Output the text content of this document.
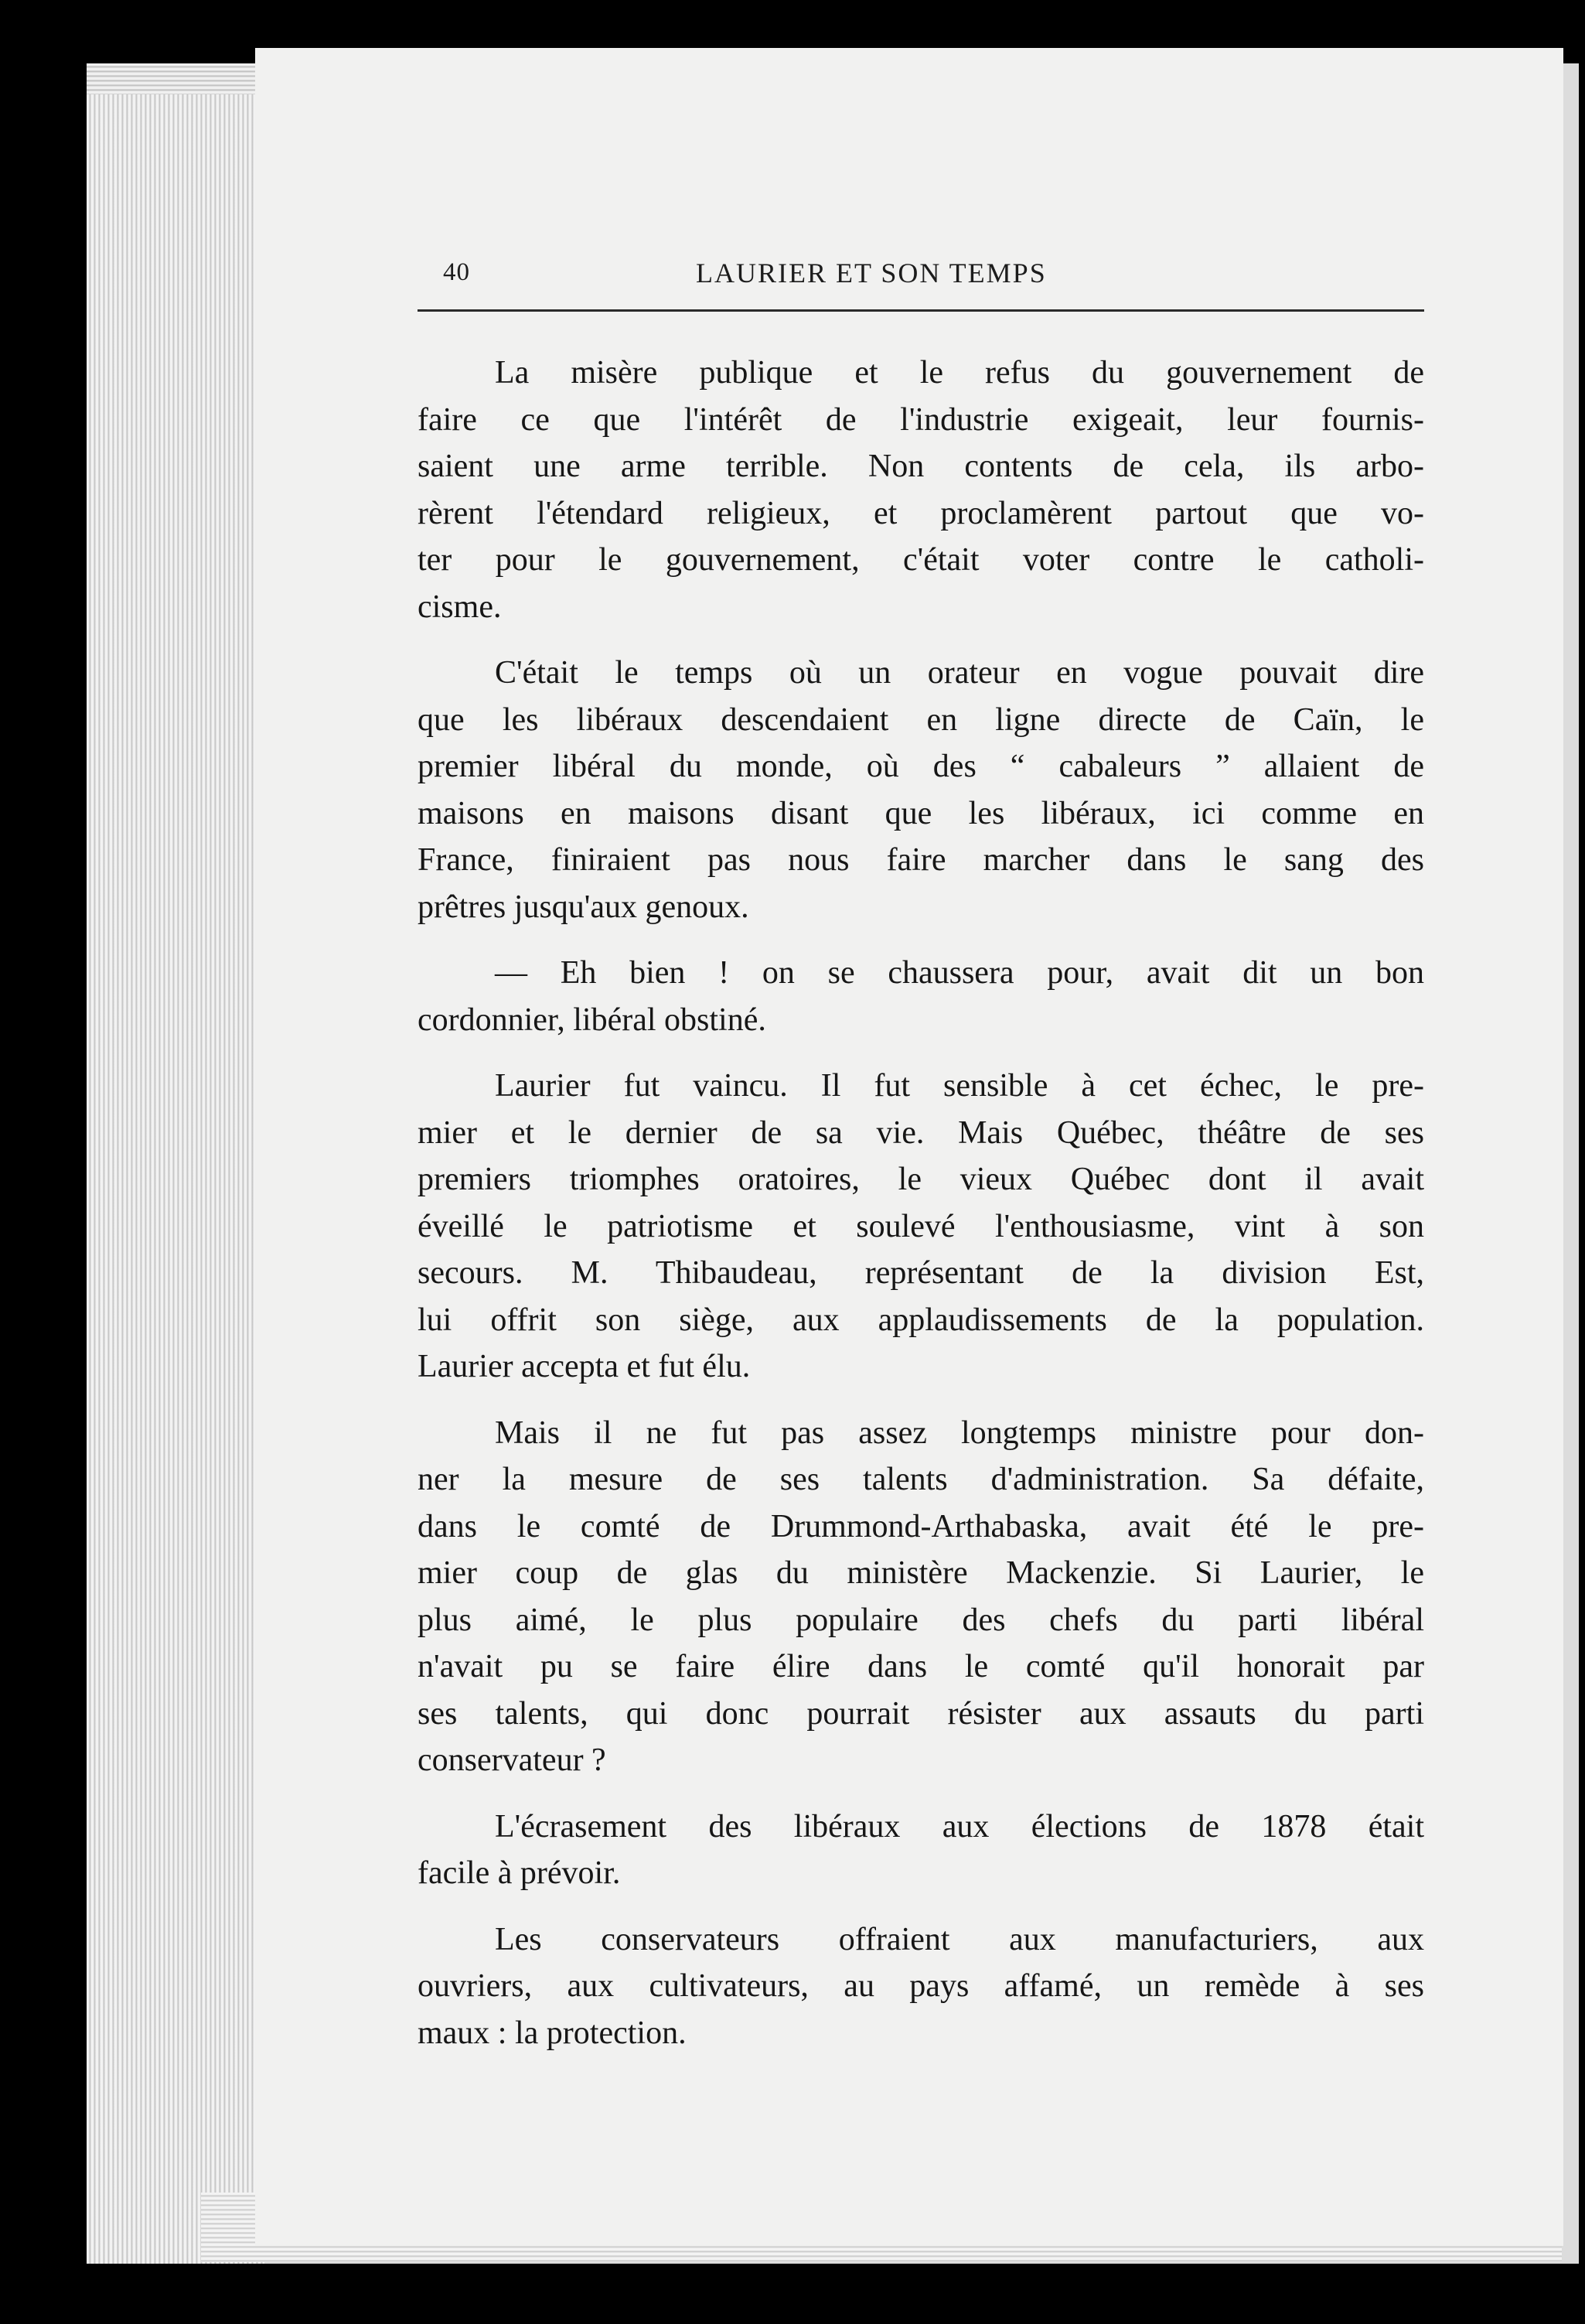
40	LAURIER ET SON TEMPS
La misère publique et le refus du gouvernement de
faire ce que l'intérêt de l'industrie exigeait, leur fournis-
saient une arme terrible. Non contents de cela, ils arbo-
rèrent l'étendard religieux, et proclamèrent partout que vo-
ter pour le gouvernement, c'était voter contre le catholi-
cisme.
C'était le temps où un orateur en vogue pouvait dire
que les libéraux descendaient en ligne directe de Caïn, le
premier libéral du monde, où des “ cabaleurs ” allaient de
maisons en maisons disant que les libéraux, ici comme en
France, finiraient pas nous faire marcher dans le sang des
prêtres jusqu'aux genoux.
— Eh bien ! on se chaussera pour, avait dit un bon
cordonnier, libéral obstiné.
Laurier fut vaincu. Il fut sensible à cet échec, le pre-
mier et le dernier de sa vie. Mais Québec, théâtre de ses
premiers triomphes oratoires, le vieux Québec dont il avait
éveillé le patriotisme et soulevé l'enthousiasme, vint à son
secours. M. Thibaudeau, représentant de la division Est,
lui offrit son siège, aux applaudissements de la population.
Laurier accepta et fut élu.
Mais il ne fut pas assez longtemps ministre pour don-
ner la mesure de ses talents d'administration. Sa défaite,
dans le comté de Drummond-Arthabaska, avait été le pre-
mier coup de glas du ministère Mackenzie. Si Laurier, le
plus aimé, le plus populaire des chefs du parti libéral
n'avait pu se faire élire dans le comté qu'il honorait par
ses talents, qui donc pourrait résister aux assauts du parti
conservateur ?
L'écrasement des libéraux aux élections de 1878 était
facile à prévoir.
Les conservateurs offraient aux manufacturiers, aux
ouvriers, aux cultivateurs, au pays affamé, un remède à ses
maux : la protection.
